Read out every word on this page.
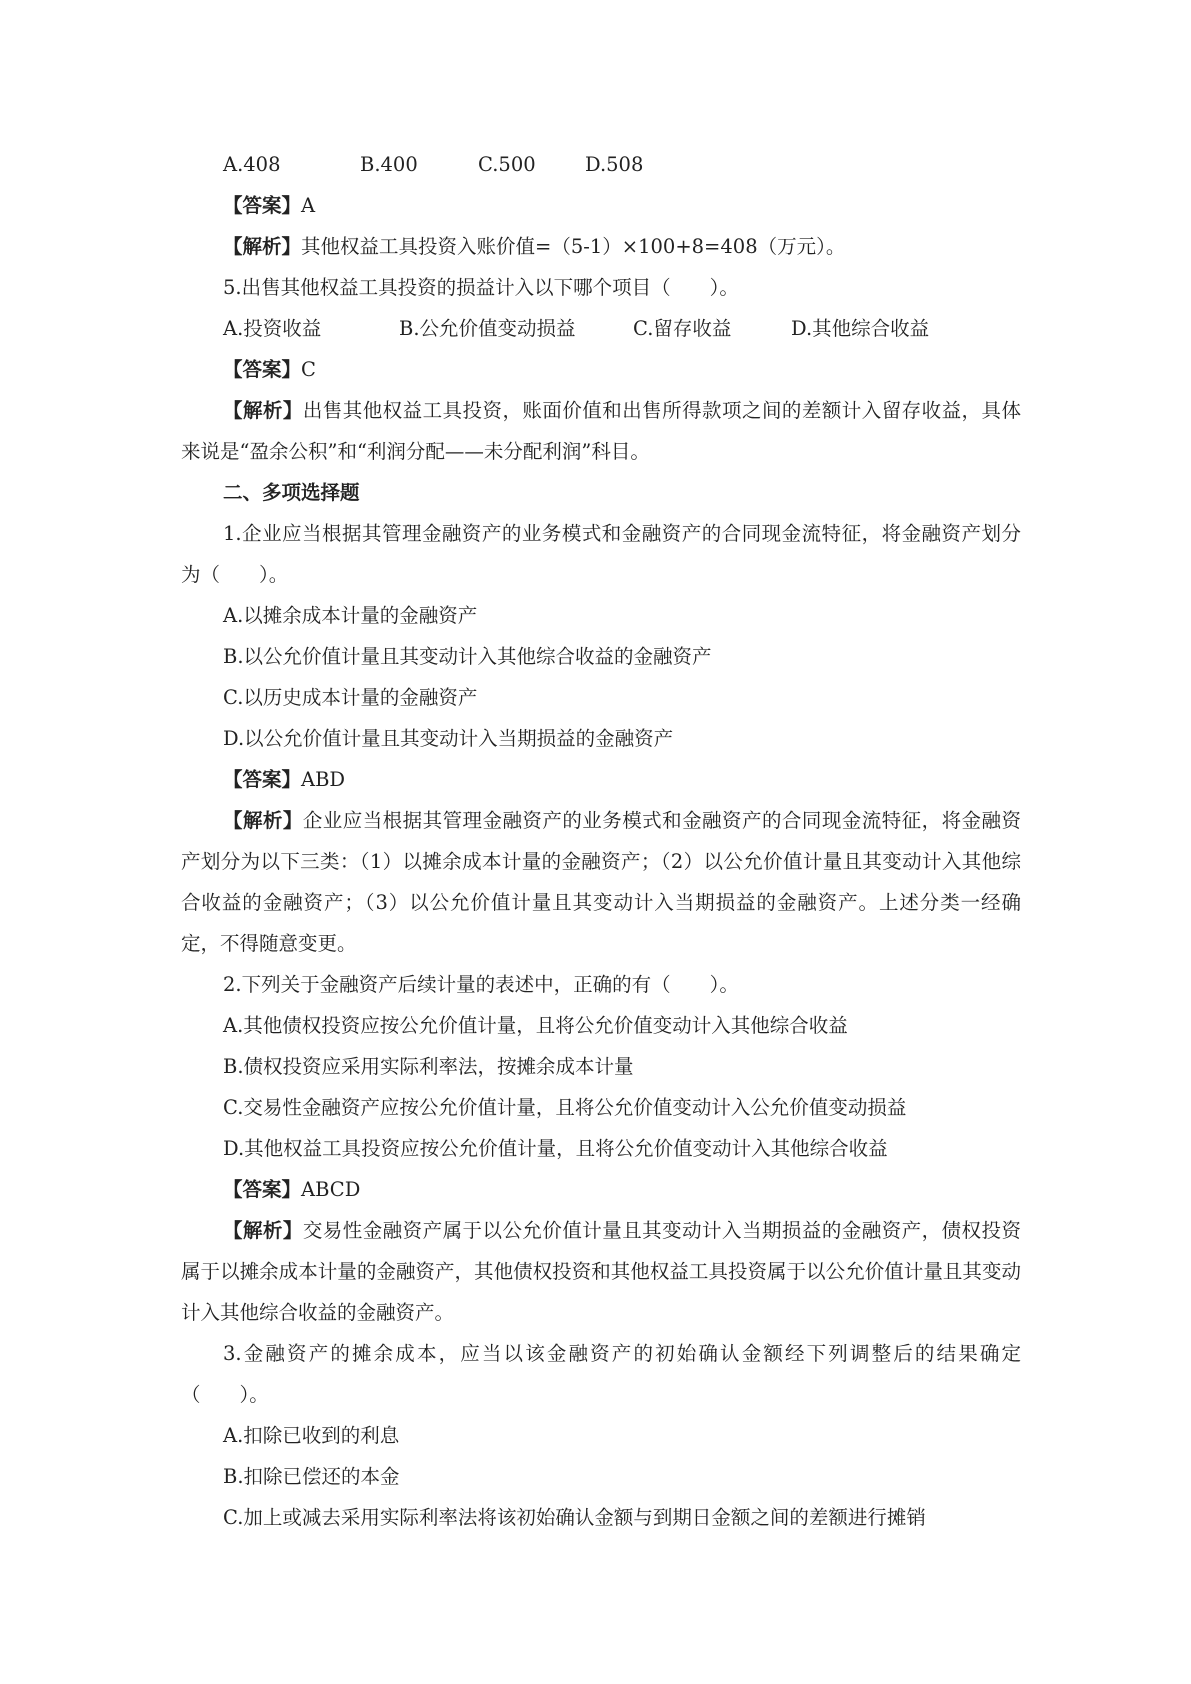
A.408	B.400	C.500	D.508
【答案】A
【解析】其他权益工具投资入账价值=（5-1）×100+8=408（万元）。
5.出售其他权益工具投资的损益计入以下哪个项目（　　）。
A.投资收益	B.公允价值变动损益	C.留存收益	D.其他综合收益
【答案】C
【解析】出售其他权益工具投资，账面价值和出售所得款项之间的差额计入留存收益，具体来说是“盈余公积”和“利润分配——未分配利润”科目。
二、多项选择题
1.企业应当根据其管理金融资产的业务模式和金融资产的合同现金流特征，将金融资产划分为（　　）。
A.以摊余成本计量的金融资产
B.以公允价值计量且其变动计入其他综合收益的金融资产
C.以历史成本计量的金融资产
D.以公允价值计量且其变动计入当期损益的金融资产
【答案】ABD
【解析】企业应当根据其管理金融资产的业务模式和金融资产的合同现金流特征，将金融资产划分为以下三类：（1）以摊余成本计量的金融资产；（2）以公允价值计量且其变动计入其他综合收益的金融资产；（3）以公允价值计量且其变动计入当期损益的金融资产。上述分类一经确定，不得随意变更。
2.下列关于金融资产后续计量的表述中，正确的有（　　）。
A.其他债权投资应按公允价值计量，且将公允价值变动计入其他综合收益
B.债权投资应采用实际利率法，按摊余成本计量
C.交易性金融资产应按公允价值计量，且将公允价值变动计入公允价值变动损益
D.其他权益工具投资应按公允价值计量，且将公允价值变动计入其他综合收益
【答案】ABCD
【解析】交易性金融资产属于以公允价值计量且其变动计入当期损益的金融资产，债权投资属于以摊余成本计量的金融资产，其他债权投资和其他权益工具投资属于以公允价值计量且其变动计入其他综合收益的金融资产。
3.金融资产的摊余成本，应当以该金融资产的初始确认金额经下列调整后的结果确定（　　）。
A.扣除已收到的利息
B.扣除已偿还的本金
C.加上或减去采用实际利率法将该初始确认金额与到期日金额之间的差额进行摊销
